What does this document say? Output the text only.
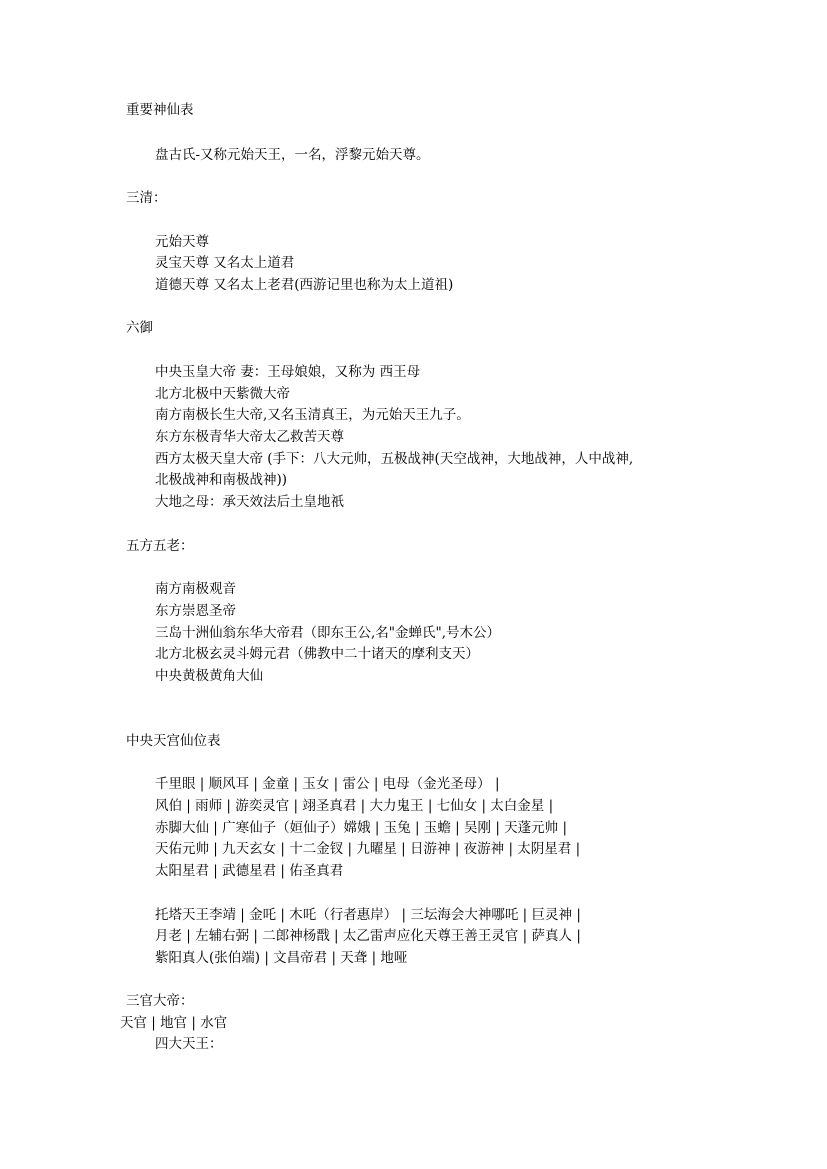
重要神仙表
盘古氏-又称元始天王，一名，浮黎元始天尊。
三清：
元始天尊
灵宝天尊 又名太上道君
道德天尊 又名太上老君(西游记里也称为太上道祖)
六御
中央玉皇大帝 妻：王母娘娘，又称为 西王母
北方北极中天紫微大帝
南方南极长生大帝,又名玉清真王，为元始天王九子。
东方东极青华大帝太乙救苦天尊
西方太极天皇大帝 (手下：八大元帅，五极战神(天空战神，大地战神，人中战神,
北极战神和南极战神))
大地之母：承天效法后土皇地祇
五方五老：
南方南极观音
东方崇恩圣帝
三岛十洲仙翁东华大帝君（即东王公,名"金蝉氏",号木公）
北方北极玄灵斗姆元君（佛教中二十诸天的摩利支天）
中央黄极黄角大仙
中央天宫仙位表
千里眼 | 顺风耳 | 金童 | 玉女 | 雷公 | 电母（金光圣母） |
风伯 | 雨师 | 游奕灵官 | 翊圣真君 | 大力鬼王 | 七仙女 | 太白金星 |
赤脚大仙 | 广寒仙子（姮仙子）嫦娥 | 玉兔 | 玉蟾 | 吴刚 | 天蓬元帅 |
天佑元帅 | 九天玄女 | 十二金钗 | 九曜星 | 日游神 | 夜游神 | 太阴星君 |
太阳星君 | 武德星君 | 佑圣真君
托塔天王李靖 | 金吒 | 木吒（行者惠岸） | 三坛海会大神哪吒 | 巨灵神 |
月老 | 左辅右弼 | 二郎神杨戬 | 太乙雷声应化天尊王善王灵官 | 萨真人 |
紫阳真人(张伯端) | 文昌帝君 | 天聋 | 地哑
三官大帝：
天官 | 地官 | 水官
四大天王：
